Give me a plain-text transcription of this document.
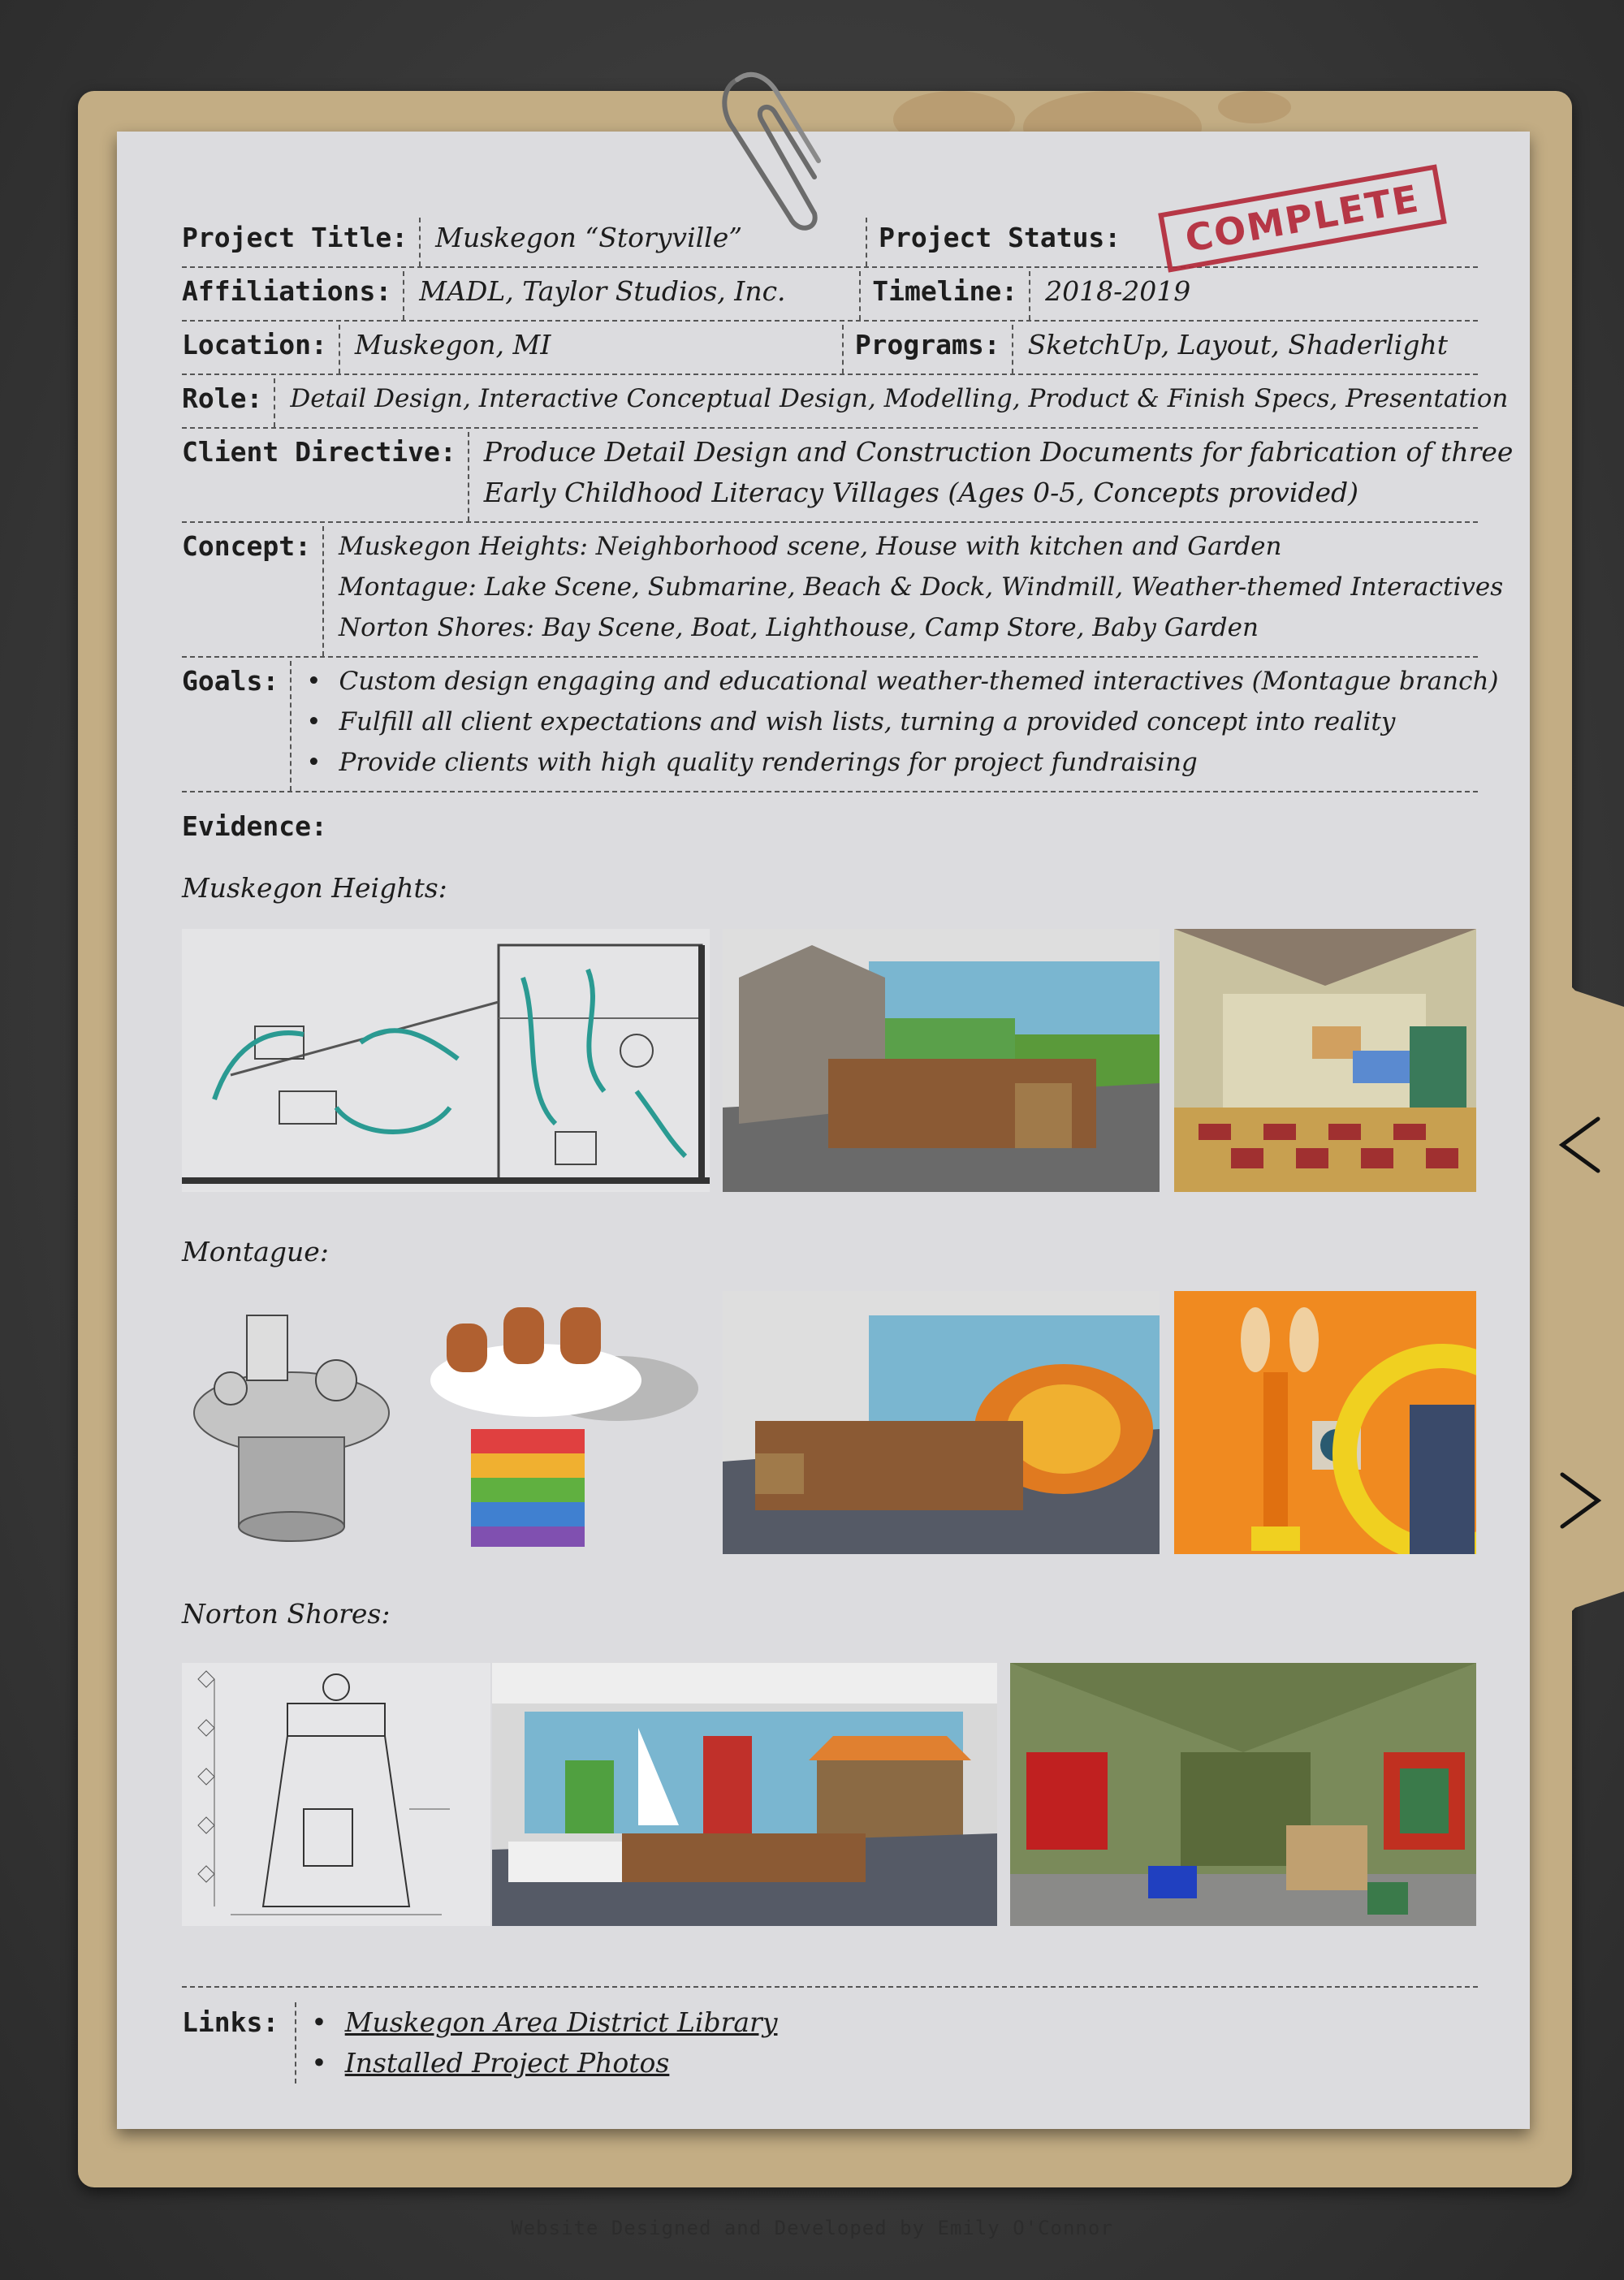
Project Title:	Muskegon “Storyville”	Project Status:	COMPLETE
Affiliations:	MADL, Taylor Studios, Inc.	Timeline:	2018-2019
Location:	Muskegon, MI	Programs:	SketchUp, Layout, Shaderlight
Role:	Detail Design, Interactive Conceptual Design, Modelling, Product & Finish Specs, Presentation
Client Directive:	Produce Detail Design and Construction Documents for fabrication of three
Early Childhood Literacy Villages (Ages 0-5, Concepts provided)
Concept:	Muskegon Heights: Neighborhood scene, House with kitchen and Garden
Montague: Lake Scene, Submarine, Beach & Dock, Windmill, Weather-themed Interactives
Norton Shores: Bay Scene, Boat, Lighthouse, Camp Store, Baby Garden
Goals:	• Custom design engaging and educational weather-themed interactives (Montague branch)
• Fulfill all client expectations and wish lists, turning a provided concept into reality
• Provide clients with high quality renderings for project fundraising
Evidence:
Muskegon Heights:
Montague:
Norton Shores:
Links:	• Muskegon Area District Library
• Installed Project Photos
Website Designed and Developed by Emily O'Connor
